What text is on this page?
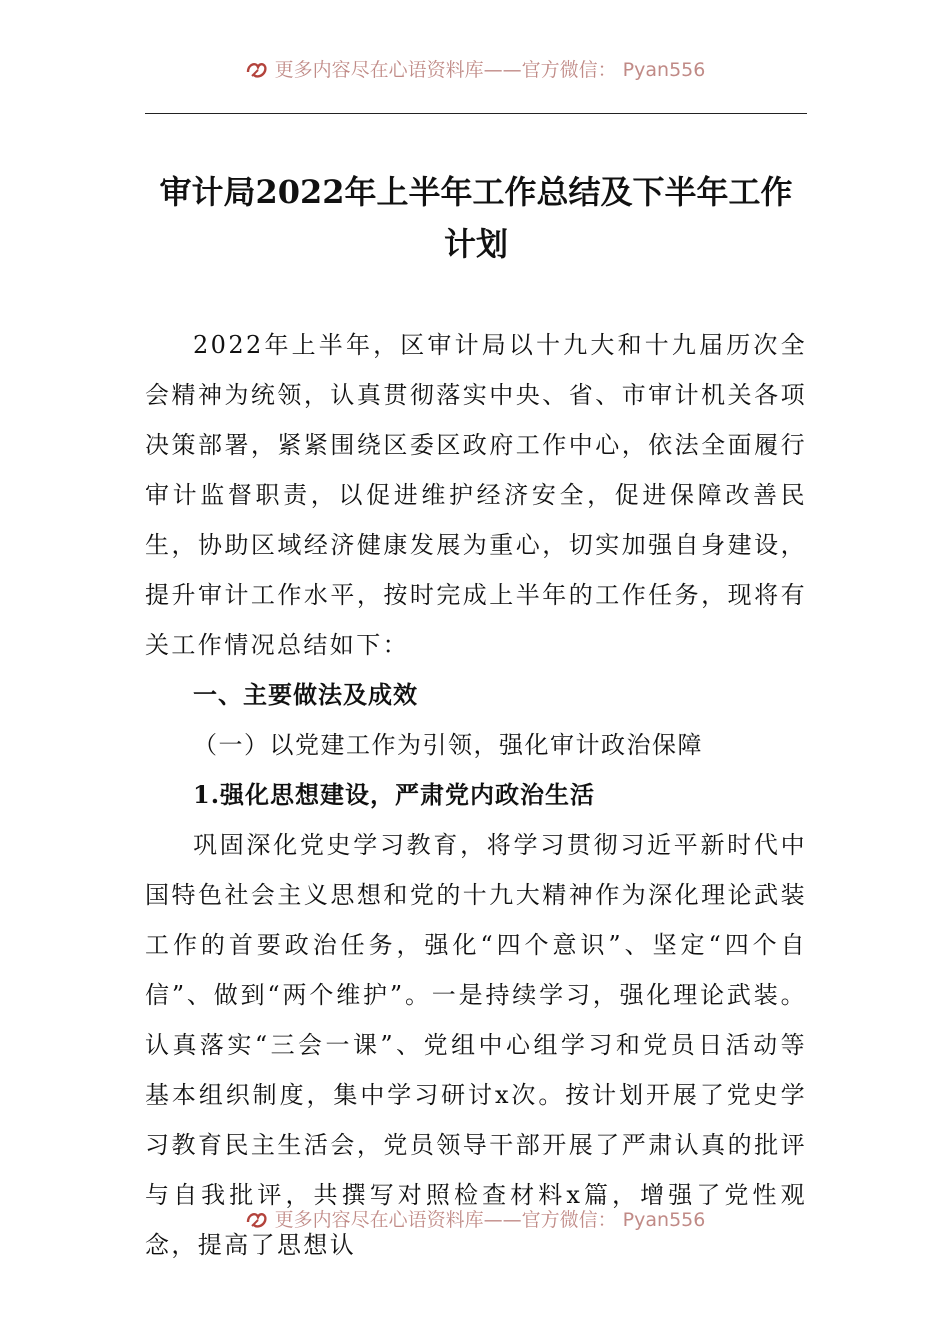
更多内容尽在心语资料库——官方微信： Pyan556
审计局2022年上半年工作总结及下半年工作计划

2022年上半年，区审计局以十九大和十九届历次全会精神为统领，认真贯彻落实中央、省、市审计机关各项决策部署，紧紧围绕区委区政府工作中心，依法全面履行审计监督职责，以促进维护经济安全，促进保障改善民生，协助区域经济健康发展为重心，切实加强自身建设，提升审计工作水平，按时完成上半年的工作任务，现将有关工作情况总结如下：

一、主要做法及成效

（一）以党建工作为引领，强化审计政治保障

1.强化思想建设，严肃党内政治生活

巩固深化党史学习教育，将学习贯彻习近平新时代中国特色社会主义思想和党的十九大精神作为深化理论武装工作的首要政治任务，强化“四个意识”、坚定“四个自信”、做到“两个维护”。一是持续学习，强化理论武装。认真落实“三会一课”、党组中心组学习和党员日活动等基本组织制度，集中学习研讨x次。按计划开展了党史学习教育民主生活会，党员领导干部开展了严肃认真的批评与自我批评，共撰写对照检查材料x篇，增强了党性观念，提高了思想认

更多内容尽在心语资料库——官方微信： Pyan556
